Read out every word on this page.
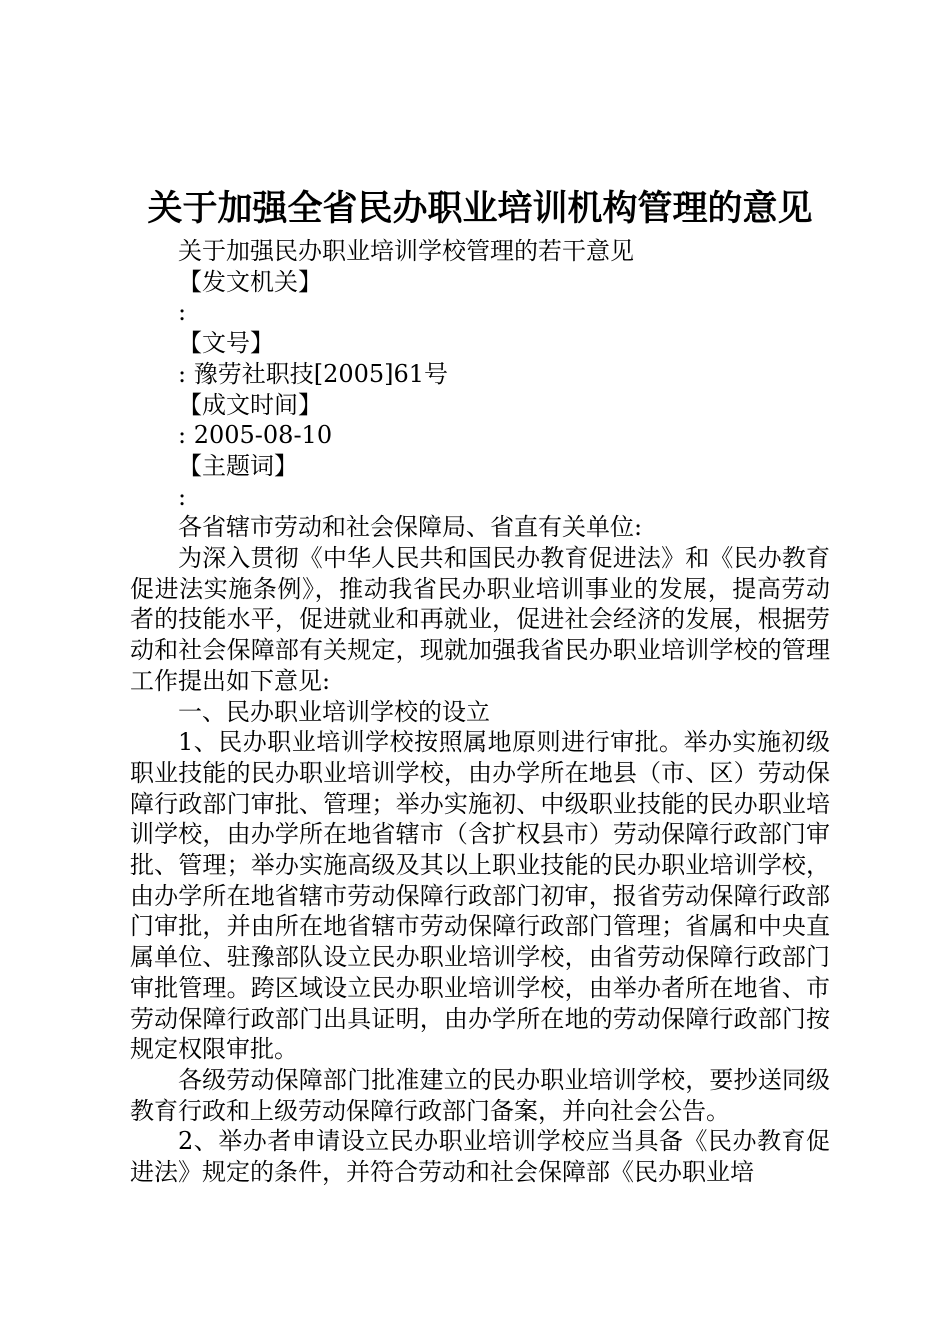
关于加强全省民办职业培训机构管理的意见

关于加强民办职业培训学校管理的若干意见

【发文机关】

:

【文号】

: 豫劳社职技[2005]61号

【成文时间】

: 2005-08-10

【主题词】

:

各省辖市劳动和社会保障局、省直有关单位:

为深入贯彻《中华人民共和国民办教育促进法》和《民办教育促进法实施条例》，推动我省民办职业培训事业的发展，提高劳动者的技能水平，促进就业和再就业，促进社会经济的发展，根据劳动和社会保障部有关规定，现就加强我省民办职业培训学校的管理工作提出如下意见:

一、民办职业培训学校的设立

1、民办职业培训学校按照属地原则进行审批。举办实施初级职业技能的民办职业培训学校，由办学所在地县（市、区）劳动保障行政部门审批、管理；举办实施初、中级职业技能的民办职业培训学校，由办学所在地省辖市（含扩权县市）劳动保障行政部门审批、管理；举办实施高级及其以上职业技能的民办职业培训学校，由办学所在地省辖市劳动保障行政部门初审，报省劳动保障行政部门审批，并由所在地省辖市劳动保障行政部门管理；省属和中央直属单位、驻豫部队设立民办职业培训学校，由省劳动保障行政部门审批管理。跨区域设立民办职业培训学校，由举办者所在地省、市劳动保障行政部门出具证明，由办学所在地的劳动保障行政部门按规定权限审批。

各级劳动保障部门批准建立的民办职业培训学校，要抄送同级教育行政和上级劳动保障行政部门备案，并向社会公告。

2、举办者申请设立民办职业培训学校应当具备《民办教育促进法》规定的条件，并符合劳动和社会保障部《民办职业培
